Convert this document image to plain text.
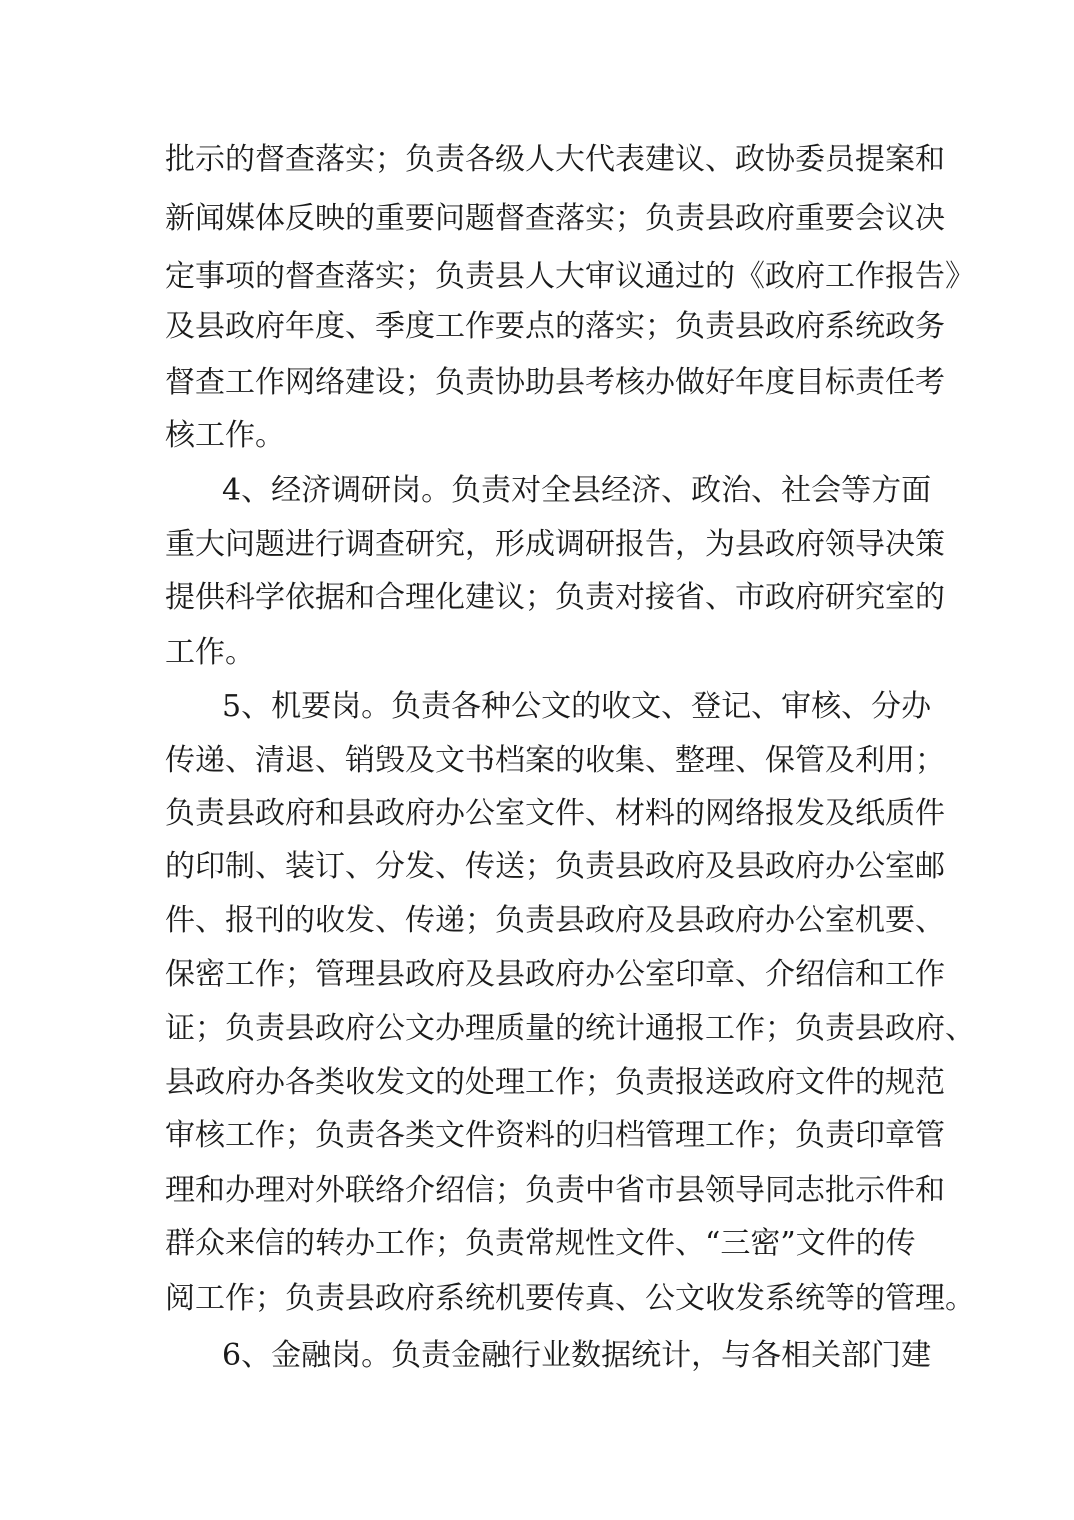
批示的督查落实；负责各级人大代表建议、政协委员提案和
新闻媒体反映的重要问题督查落实；负责县政府重要会议决
定事项的督查落实；负责县人大审议通过的《政府工作报告》
及县政府年度、季度工作要点的落实；负责县政府系统政务
督查工作网络建设；负责协助县考核办做好年度目标责任考
核工作。
4、经济调研岗。负责对全县经济、政治、社会等方面
重大问题进行调查研究，形成调研报告，为县政府领导决策
提供科学依据和合理化建议；负责对接省、市政府研究室的
工作。
5、机要岗。负责各种公文的收文、登记、审核、分办
传递、清退、销毁及文书档案的收集、整理、保管及利用；
负责县政府和县政府办公室文件、材料的网络报发及纸质件
的印制、装订、分发、传送；负责县政府及县政府办公室邮
件、报刊的收发、传递；负责县政府及县政府办公室机要、
保密工作；管理县政府及县政府办公室印章、介绍信和工作
证；负责县政府公文办理质量的统计通报工作；负责县政府、
县政府办各类收发文的处理工作；负责报送政府文件的规范
审核工作；负责各类文件资料的归档管理工作；负责印章管
理和办理对外联络介绍信；负责中省市县领导同志批示件和
群众来信的转办工作；负责常规性文件、“三密”文件的传
阅工作；负责县政府系统机要传真、公文收发系统等的管理。
6、金融岗。负责金融行业数据统计，与各相关部门建
